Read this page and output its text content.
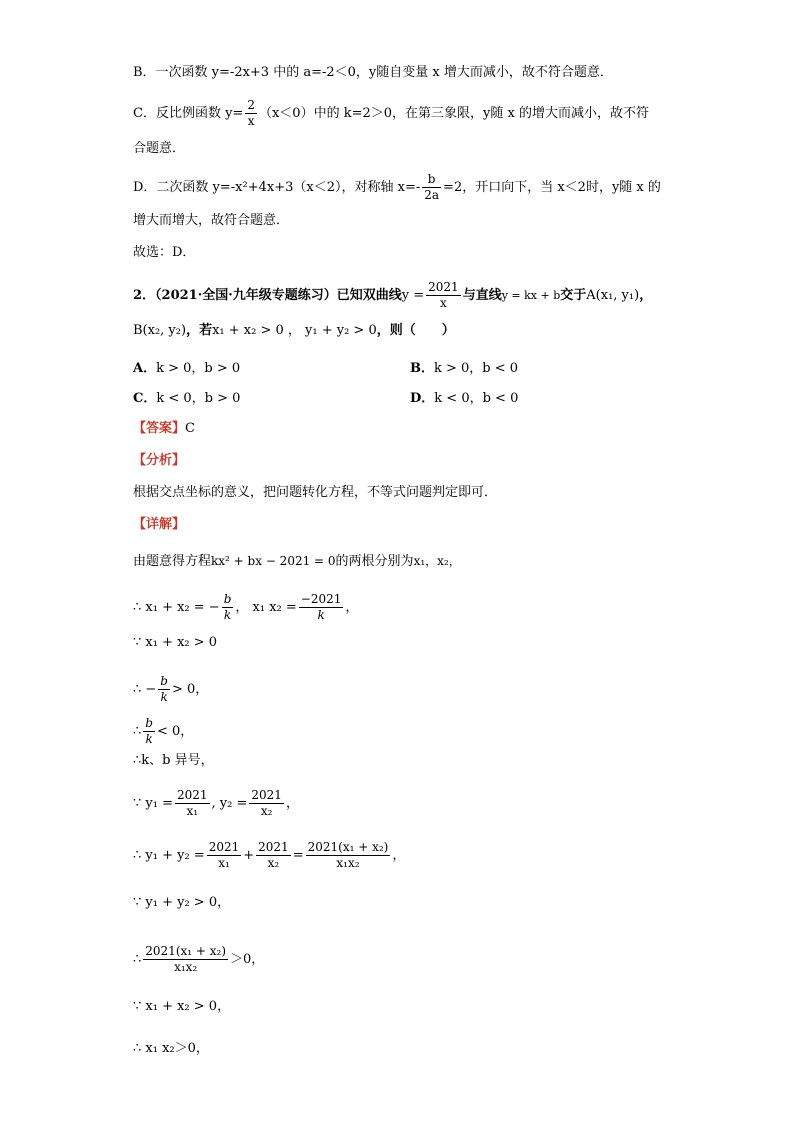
B．一次函数 y=-2x+3 中的 a=-2＜0，y随自变量 x 增大而减小，故不符合题意．
C．反比例函数 $y= \frac{2}{x} (x<0)$中的 k=2＞0，在第三象限，y随 x 的增大而减小，故不符
合题意．
D．二次函数 y=-x²+4x+3（x＜2），对称轴 $x=- \frac{b}{2a} =2$，开口向下，当 x＜2时，y随 x 的
增大而增大，故符合题意．
故选：D．
2．（2021·全国·九年级专题练习）已知双曲线$y = \frac{2021}{x}$ 与直线y = kx + b交于A(x₁, y₁)，
B(x₂, y₂)，若x₁ + x₂ > 0 ， y₁ + y₂ > 0，则（　　）
A．k > 0，b > 0	B．k > 0，b < 0
C．k < 0，b > 0	D．k < 0，b < 0
【答案】C
【分析】
根据交点坐标的意义，把问题转化方程，不等式问题判定即可．
【详解】
由题意得方程kx² + bx − 2021 = 0的两根分别为x₁，x₂，
∴ x₁ + x₂ = − $\frac{b}{k}$ ， x₁ $x_2 = \frac{-2021}{k}$ ，
∵ x₁ + x₂ > 0
∴ − $\frac{b}{k} > 0$，
∴ $\frac{b}{k} < 0$，
∴k、b 异号，
∵ $y_1 = \frac{2021}{\text{x₁}}$ , $y_2 = \frac{2021}{\text{x₂}}$ ，
∴ $y_1 + y_2 = \frac{2021}{\text{x₁}} + \frac{2021}{\text{x₂}} = \frac{\text{2021(x₁ + x₂)}}{\text{x₁x₂}}$ ，
∵ y₁ + y₂ > 0，
∴ $\frac{\text{2021(x₁ + x₂)}}{\text{x₁x₂}} >0$，
∵ x₁ + x₂ > 0，
∴ x₁ x₂＞0，
